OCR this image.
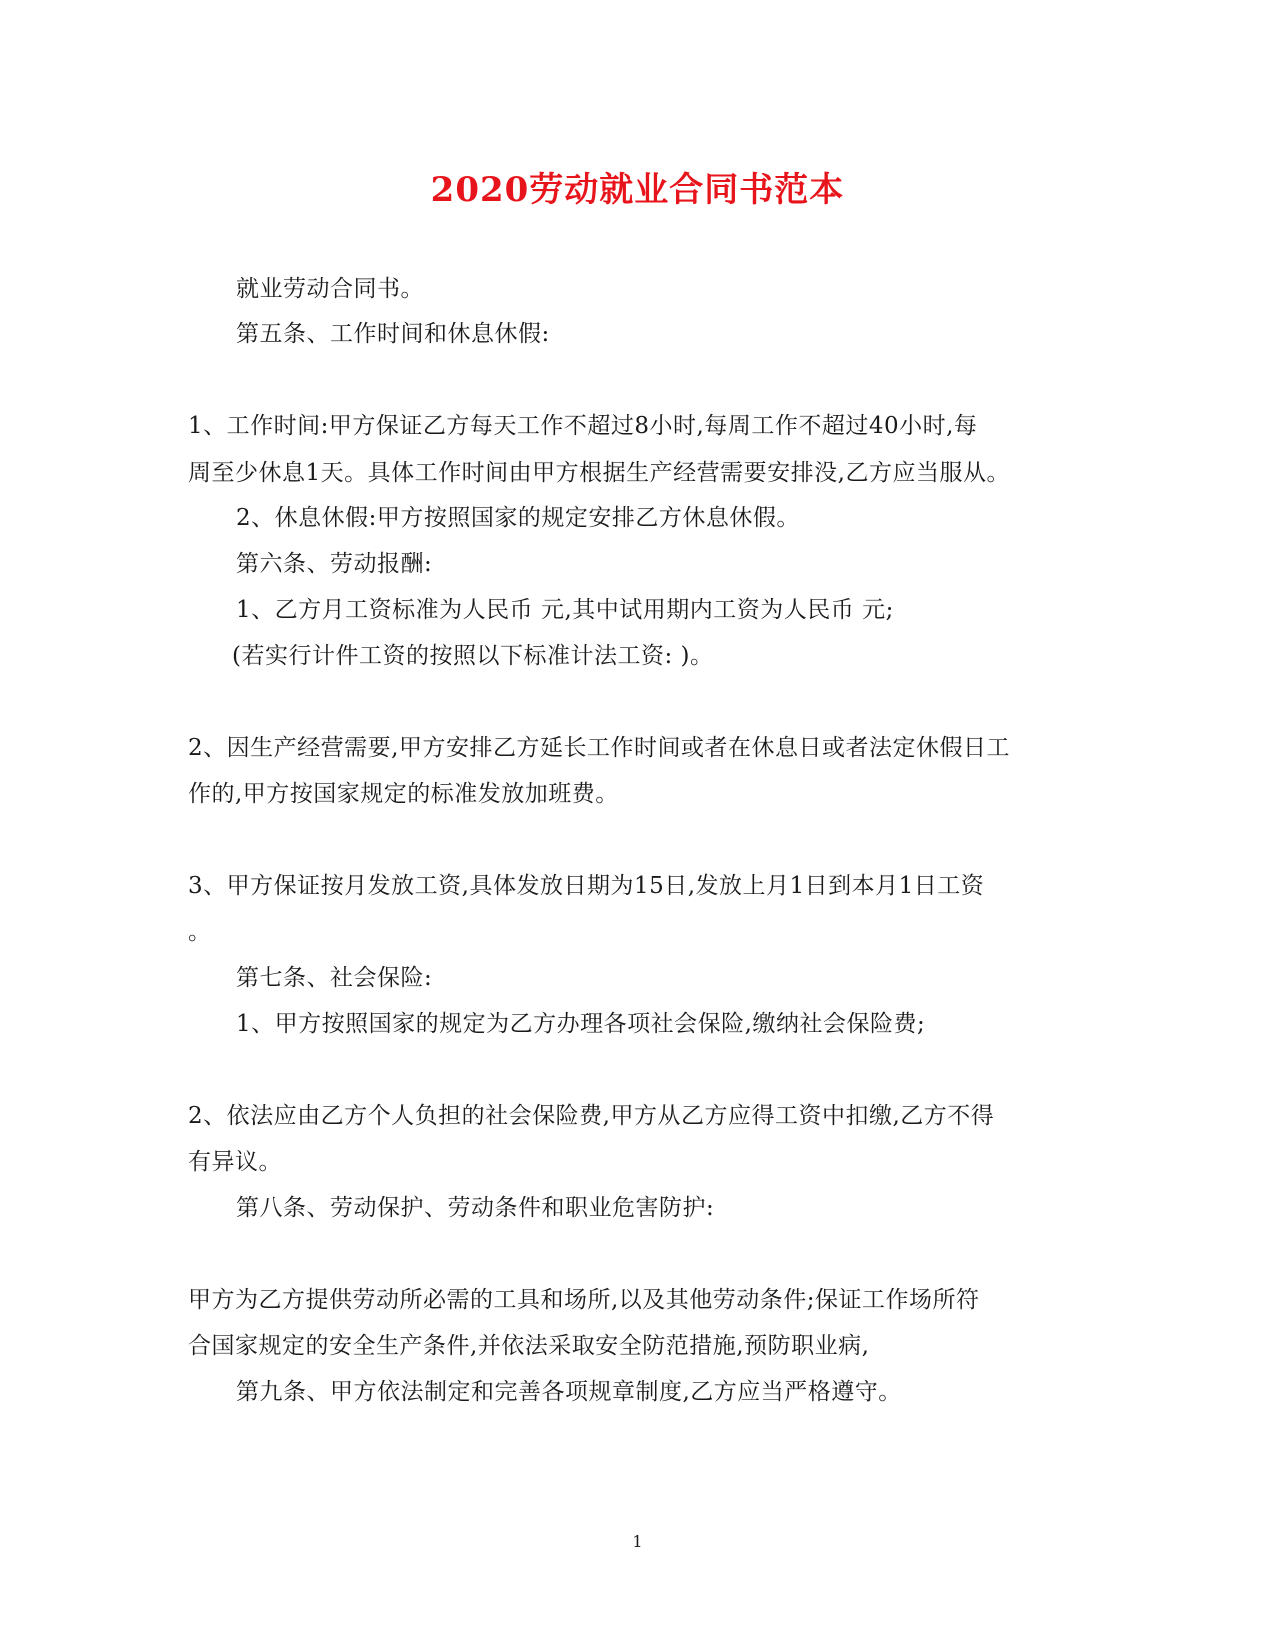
2020劳动就业合同书范本
就业劳动合同书。
第五条、工作时间和休息休假:
1、工作时间:甲方保证乙方每天工作不超过8小时,每周工作不超过40小时,每
周至少休息1天。具体工作时间由甲方根据生产经营需要安排没,乙方应当服从。
2、休息休假:甲方按照国家的规定安排乙方休息休假。
第六条、劳动报酬:
1、乙方月工资标准为人民币 元,其中试用期内工资为人民币 元;
(若实行计件工资的按照以下标准计法工资: )。
2、因生产经营需要,甲方安排乙方延长工作时间或者在休息日或者法定休假日工
作的,甲方按国家规定的标准发放加班费。
3、甲方保证按月发放工资,具体发放日期为15日,发放上月1日到本月1日工资
。
第七条、社会保险:
1、甲方按照国家的规定为乙方办理各项社会保险,缴纳社会保险费;
2、依法应由乙方个人负担的社会保险费,甲方从乙方应得工资中扣缴,乙方不得
有异议。
第八条、劳动保护、劳动条件和职业危害防护:
甲方为乙方提供劳动所必需的工具和场所,以及其他劳动条件;保证工作场所符
合国家规定的安全生产条件,并依法采取安全防范措施,预防职业病,
第九条、甲方依法制定和完善各项规章制度,乙方应当严格遵守。
1
